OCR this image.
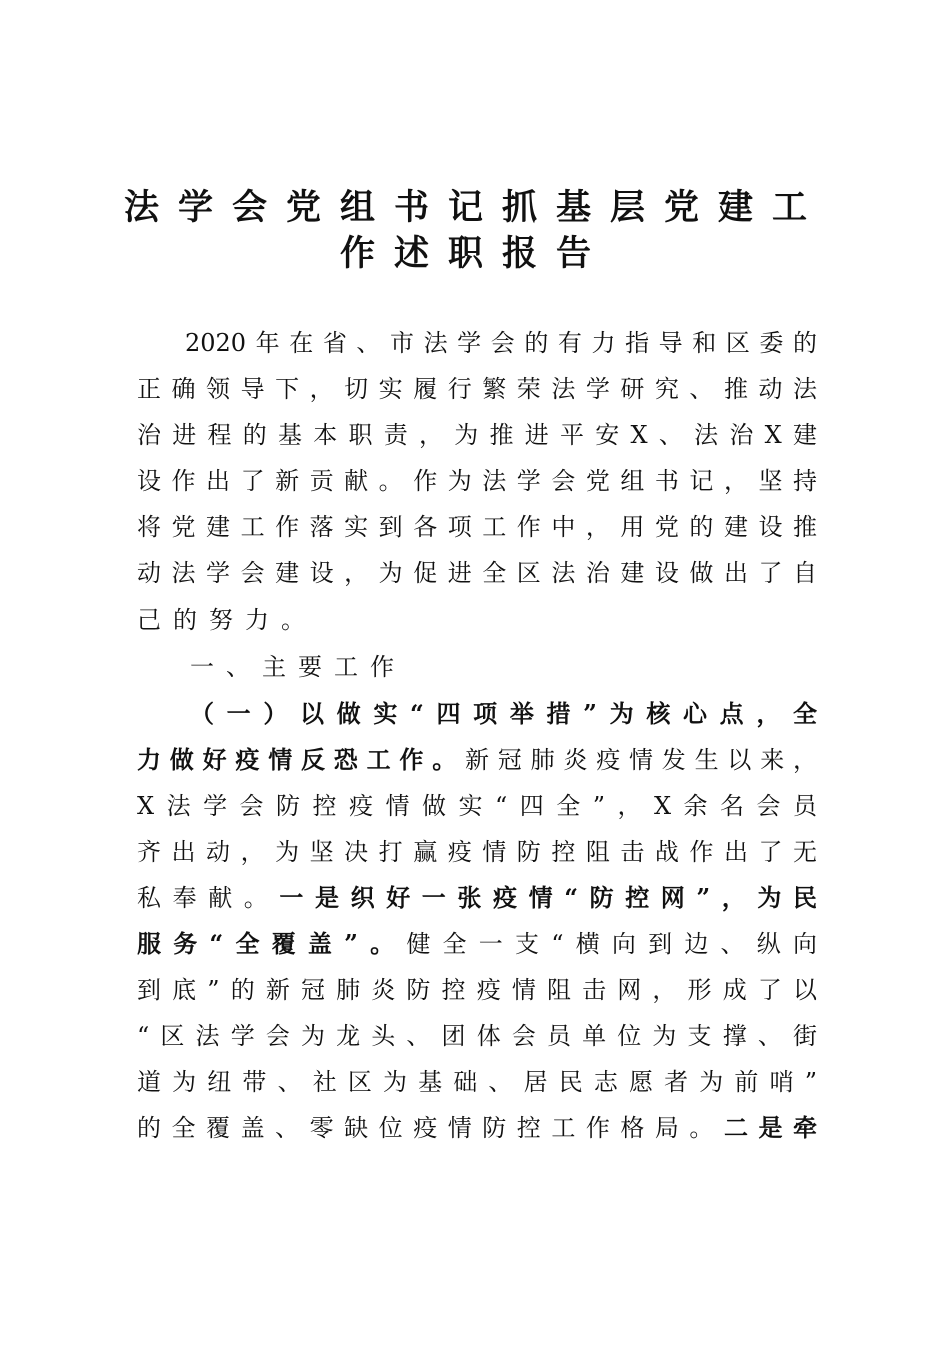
法学会党组书记抓基层党建工
作述职报告
2020年在省、市法学会的有力指导和区委的
正确领导下，切实履行繁荣法学研究、推动法
治进程的基本职责，为推进平安X、法治X建
设作出了新贡献。作为法学会党组书记，坚持
将党建工作落实到各项工作中，用党的建设推
动法学会建设，为促进全区法治建设做出了自
己的努力。
一、主要工作
（一）以做实“四项举措”为核心点，全
力做好疫情反恐工作。新冠肺炎疫情发生以来，
X法学会防控疫情做实“四全”，X余名会员
齐出动，为坚决打赢疫情防控阻击战作出了无
私奉献。一是织好一张疫情“防控网”，为民
服务“全覆盖”。健全一支“横向到边、纵向
到底”的新冠肺炎防控疫情阻击网，形成了以
“区法学会为龙头、团体会员单位为支撑、街
道为纽带、社区为基础、居民志愿者为前哨”
的全覆盖、零缺位疫情防控工作格局。二是牵
